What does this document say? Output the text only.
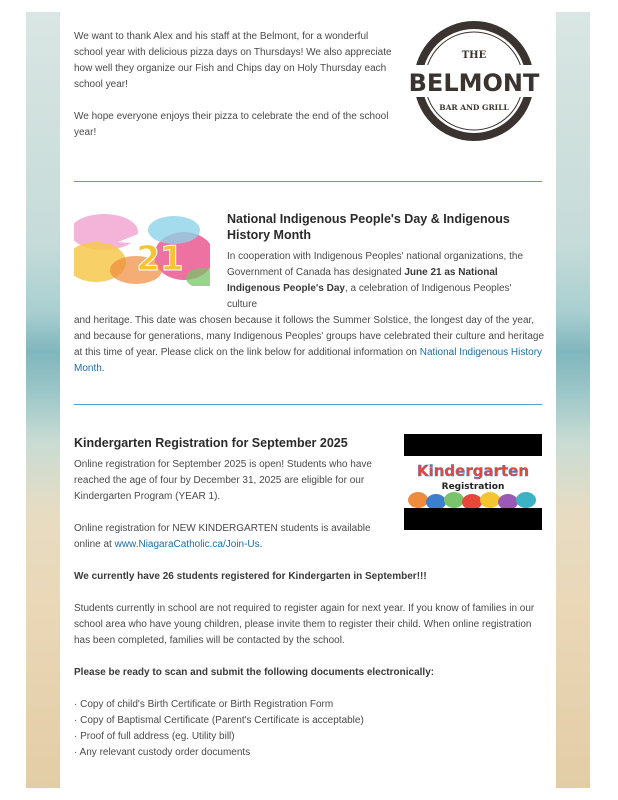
We want to thank Alex and his staff at the Belmont, for a wonderful school year with delicious pizza days on Thursdays! We also appreciate how well they organize our Fish and Chips day on Holy Thursday each school year!

We hope everyone enjoys their pizza to celebrate the end of the school year!

THE
BELMONT
BAR AND GRILL
21
National Indigenous People's Day & Indigenous History Month
In cooperation with Indigenous Peoples' national organizations, the Government of Canada has designated June 21 as National Indigenous People's Day, a celebration of Indigenous Peoples' culture
and heritage. This date was chosen because it follows the Summer Solstice, the longest day of the year, and because for generations, many Indigenous Peoples' groups have celebrated their culture and heritage at this time of year. Please click on the link below for additional information on National Indigenous History Month.
Kindergarten Registration for September 2025
Kindergarten
Registration

Online registration for September 2025 is open! Students who have reached the age of four by December 31, 2025 are eligible for our Kindergarten Program (YEAR 1).

Online registration for NEW KINDERGARTEN students is available online at www.NiagaraCatholic.ca/Join-Us.

We currently have 26 students registered for Kindergarten in September!!!

Students currently in school are not required to register again for next year. If you know of families in our school area who have young children, please invite them to register their child. When online registration has been completed, families will be contacted by the school.

Please be ready to scan and submit the following documents electronically:

· Copy of child's Birth Certificate or Birth Registration Form
· Copy of Baptismal Certificate (Parent's Certificate is acceptable)
· Proof of full address (eg. Utility bill)
· Any relevant custody order documents
